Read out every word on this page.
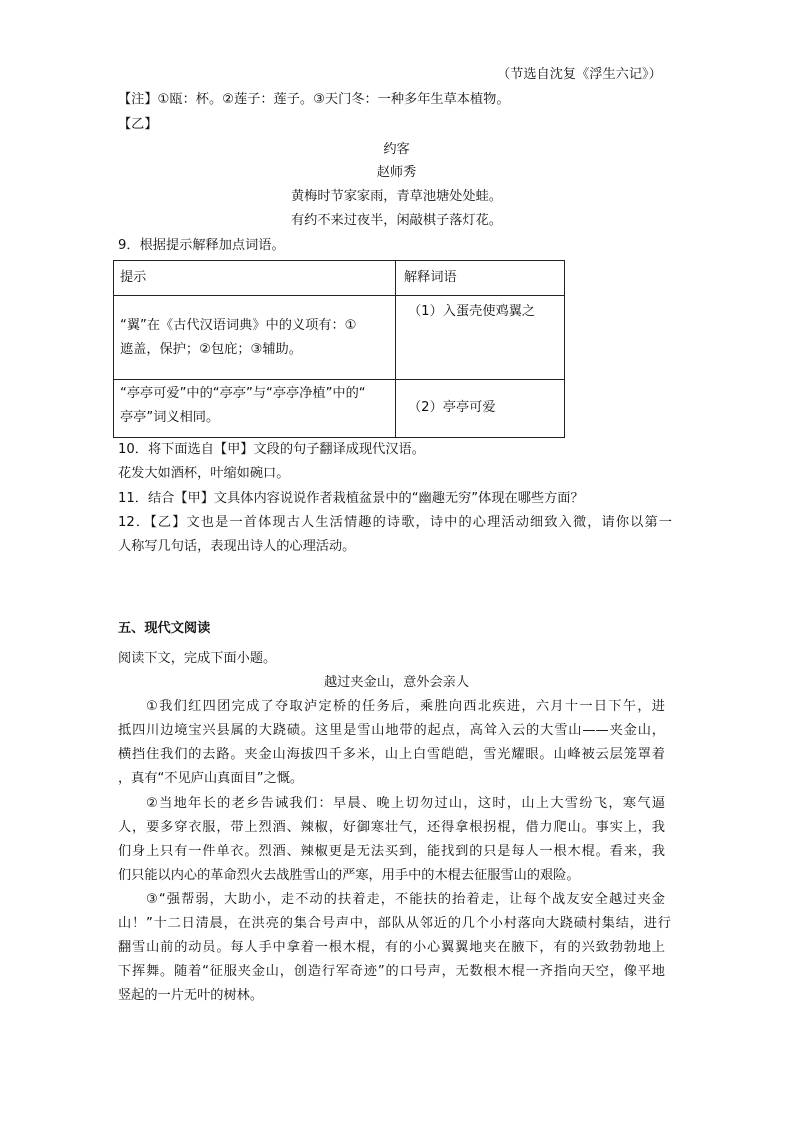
（节选自沈复《浮生六记》）
【注】①瓯：杯。②莲子：莲子。③天门冬：一种多年生草本植物。
【乙】
约客
赵师秀
黄梅时节家家雨，青草池塘处处蛙。
有约不来过夜半，闲敲棋子落灯花。
9．根据提示解释加点词语。
提示	解释词语
“翼”在《古代汉语词典》中的义项有：①
遮盖，保护；②包庇；③辅助。
（1）入蛋壳使鸡翼之
“亭亭可爱”中的“亭亭”与“亭亭净植”中的“
亭亭”词义相同。
（2）亭亭可爱
10．将下面选自【甲】文段的句子翻译成现代汉语。
花发大如酒杯，叶缩如碗口。
11．结合【甲】文具体内容说说作者栽植盆景中的“幽趣无穷”体现在哪些方面？
12．【乙】文也是一首体现古人生活情趣的诗歌，诗中的心理活动细致入微，请你以第一
人称写几句话，表现出诗人的心理活动。
五、现代文阅读
阅读下文，完成下面小题。
越过夹金山，意外会亲人
①我们红四团完成了夺取泸定桥的任务后，乘胜向西北疾进，六月十一日下午，进
抵四川边境宝兴县属的大跷碛。这里是雪山地带的起点，高耸入云的大雪山——夹金山，
横挡住我们的去路。夹金山海拔四千多米，山上白雪皑皑，雪光耀眼。山峰被云层笼罩着
，真有“不见庐山真面目”之慨。
②当地年长的老乡告诫我们：早晨、晚上切勿过山，这时，山上大雪纷飞，寒气逼
人，要多穿衣服，带上烈酒、辣椒，好御寒壮气，还得拿根拐棍，借力爬山。事实上，我
们身上只有一件单衣。烈酒、辣椒更是无法买到，能找到的只是每人一根木棍。看来，我
们只能以内心的革命烈火去战胜雪山的严寒，用手中的木棍去征服雪山的艰险。
③“强帮弱，大助小，走不动的扶着走，不能扶的抬着走，让每个战友安全越过夹金
山！”十二日清晨，在洪亮的集合号声中，部队从邻近的几个小村落向大跷碛村集结，进行
翻雪山前的动员。每人手中拿着一根木棍，有的小心翼翼地夹在腋下，有的兴致勃勃地上
下挥舞。随着“征服夹金山，创造行军奇迹”的口号声，无数根木棍一齐指向天空，像平地
竖起的一片无叶的树林。
